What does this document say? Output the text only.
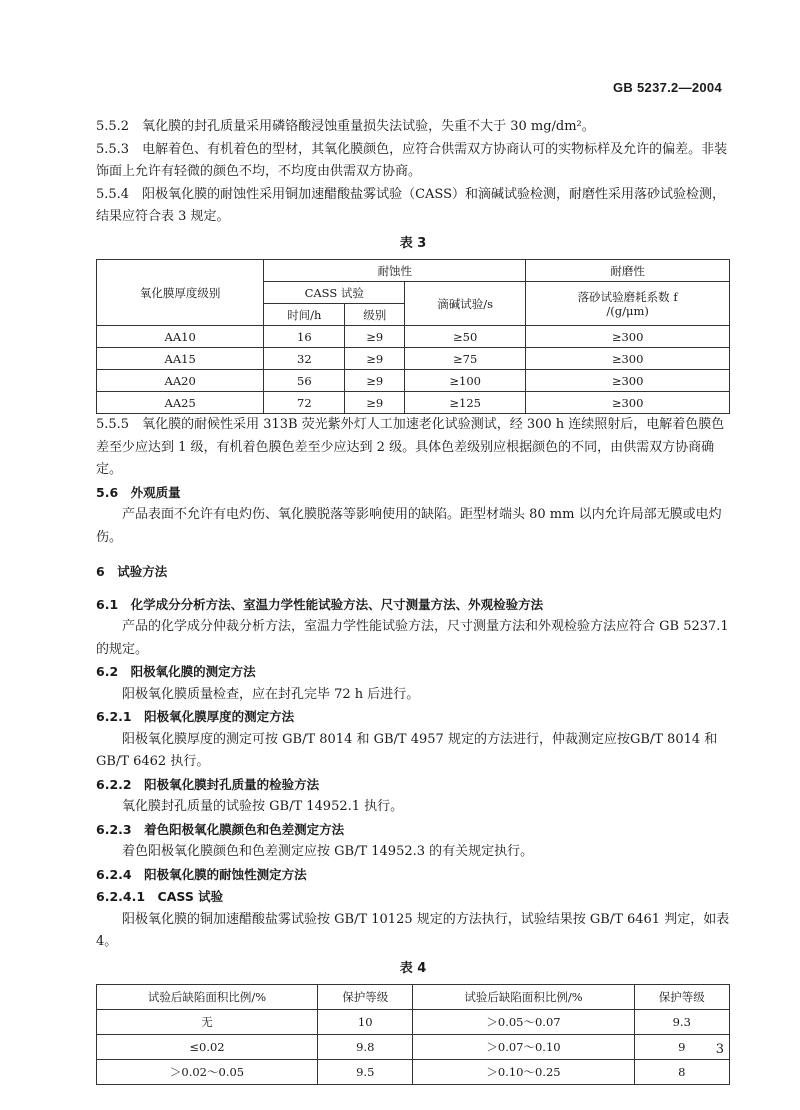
GB 5237.2—2004

5.5.2　氧化膜的封孔质量采用磷铬酸浸蚀重量损失法试验，失重不大于 30 mg/dm²。

5.5.3　电解着色、有机着色的型材，其氧化膜颜色，应符合供需双方协商认可的实物标样及允许的偏差。非装饰面上允许有轻微的颜色不均，不均度由供需双方协商。

5.5.4　阳极氧化膜的耐蚀性采用铜加速醋酸盐雾试验（CASS）和滴碱试验检测，耐磨性采用落砂试验检测，结果应符合表 3 规定。

表 3
氧化膜厚度级别	耐蚀性			耐磨性
	CASS 试验		滴碱试验/s	落砂试验磨耗系数 f
/(g/μm)
	时间/h	级别		
AA10	16	≥9	≥50	≥300
AA15	32	≥9	≥75	≥300
AA20	56	≥9	≥100	≥300
AA25	72	≥9	≥125	≥300

5.5.5　氧化膜的耐候性采用 313B 荧光紫外灯人工加速老化试验测试，经 300 h 连续照射后，电解着色膜色差至少应达到 1 级，有机着色膜色差至少应达到 2 级。具体色差级别应根据颜色的不同，由供需双方协商确定。

5.6　外观质量

产品表面不允许有电灼伤、氧化膜脱落等影响使用的缺陷。距型材端头 80 mm 以内允许局部无膜或电灼伤。

6　试验方法

6.1　化学成分分析方法、室温力学性能试验方法、尺寸测量方法、外观检验方法

产品的化学成分仲裁分析方法，室温力学性能试验方法，尺寸测量方法和外观检验方法应符合 GB 5237.1的规定。

6.2　阳极氧化膜的测定方法

阳极氧化膜质量检查，应在封孔完毕 72 h 后进行。

6.2.1　阳极氧化膜厚度的测定方法

阳极氧化膜厚度的测定可按 GB/T 8014 和 GB/T 4957 规定的方法进行，仲裁测定应按GB/T 8014 和 GB/T 6462 执行。

6.2.2　阳极氧化膜封孔质量的检验方法

氧化膜封孔质量的试验按 GB/T 14952.1 执行。

6.2.3　着色阳极氧化膜颜色和色差测定方法

着色阳极氧化膜颜色和色差测定应按 GB/T 14952.3 的有关规定执行。

6.2.4　阳极氧化膜的耐蚀性测定方法

6.2.4.1　CASS 试验

阳极氧化膜的铜加速醋酸盐雾试验按 GB/T 10125 规定的方法执行，试验结果按 GB/T 6461 判定，如表 4。

表 4
试验后缺陷面积比例/%	保护等级	试验后缺陷面积比例/%	保护等级
无	10	＞0.05～0.07	9.3
≤0.02	9.8	＞0.07～0.10	9
＞0.02～0.05	9.5	＞0.10～0.25	8
3
